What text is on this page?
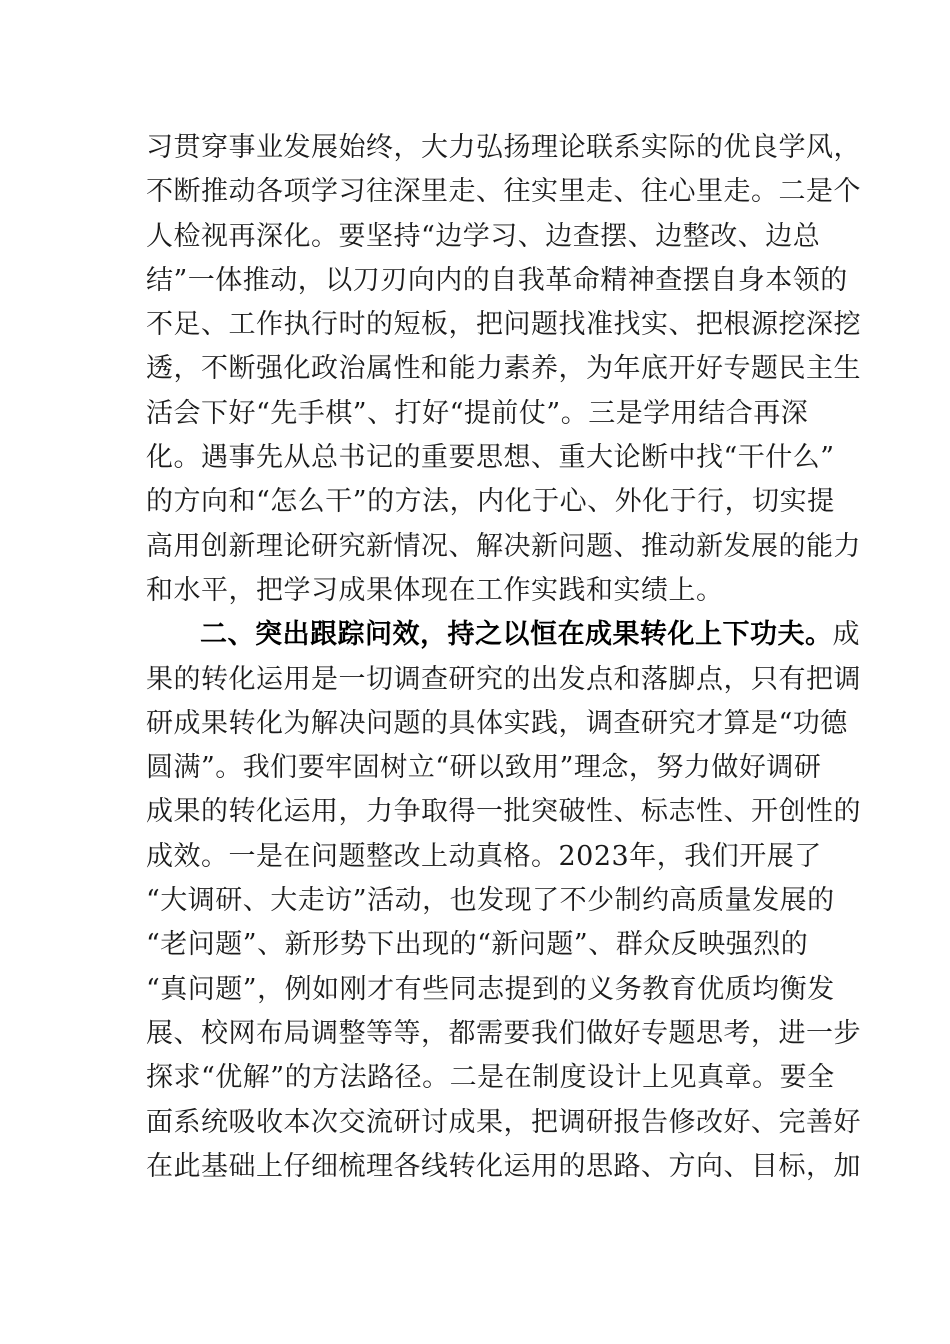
习贯穿事业发展始终，大力弘扬理论联系实际的优良学风，
不断推动各项学习往深里走、往实里走、往心里走。二是个
人检视再深化。要坚持“边学习、边查摆、边整改、边总
结”一体推动，以刀刃向内的自我革命精神查摆自身本领的
不足、工作执行时的短板，把问题找准找实、把根源挖深挖
透，不断强化政治属性和能力素养，为年底开好专题民主生
活会下好“先手棋”、打好“提前仗”。三是学用结合再深
化。遇事先从总书记的重要思想、重大论断中找“干什么”
的方向和“怎么干”的方法，内化于心、外化于行，切实提
高用创新理论研究新情况、解决新问题、推动新发展的能力
和水平，把学习成果体现在工作实践和实绩上。
二、突出跟踪问效，持之以恒在成果转化上下功夫。成
果的转化运用是一切调查研究的出发点和落脚点，只有把调
研成果转化为解决问题的具体实践，调查研究才算是“功德
圆满”。我们要牢固树立“研以致用”理念，努力做好调研
成果的转化运用，力争取得一批突破性、标志性、开创性的
成效。一是在问题整改上动真格。2023年，我们开展了
“大调研、大走访”活动，也发现了不少制约高质量发展的
“老问题”、新形势下出现的“新问题”、群众反映强烈的
“真问题”，例如刚才有些同志提到的义务教育优质均衡发
展、校网布局调整等等，都需要我们做好专题思考，进一步
探求“优解”的方法路径。二是在制度设计上见真章。要全
面系统吸收本次交流研讨成果，把调研报告修改好、完善好
在此基础上仔细梳理各线转化运用的思路、方向、目标，加
